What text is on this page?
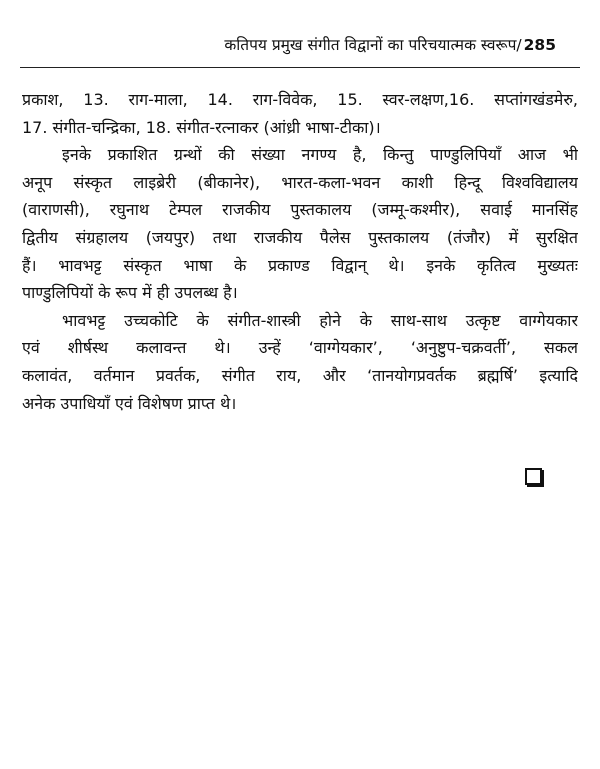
कतिपय प्रमुख संगीत विद्वानों का परिचयात्मक स्वरूप/ 285
प्रकाश, 13. राग-माला, 14. राग-विवेक, 15. स्वर-लक्षण,16. सप्तांगखंडमेरु,
17. संगीत-चन्द्रिका, 18. संगीत-रत्नाकर (आंध्री भाषा-टीका)।
इनके प्रकाशित ग्रन्थों की संख्या नगण्य है, किन्तु पाण्डुलिपियाँ आज भी
अनूप संस्कृत लाइब्रेरी (बीकानेर), भारत-कला-भवन काशी हिन्दू विश्वविद्यालय
(वाराणसी), रघुनाथ टेम्पल राजकीय पुस्तकालय (जम्मू-कश्मीर), सवाई मानसिंह
द्वितीय संग्रहालय (जयपुर) तथा राजकीय पैलेस पुस्तकालय (तंजौर) में सुरक्षित
हैं। भावभट्ट संस्कृत भाषा के प्रकाण्ड विद्वान् थे। इनके कृतित्व मुख्यतः
पाण्डुलिपियों के रूप में ही उपलब्ध है।
भावभट्ट उच्चकोटि के संगीत-शास्त्री होने के साथ-साथ उत्कृष्ट वाग्गेयकार
एवं शीर्षस्थ कलावन्त थे। उन्हें ‘वाग्गेयकार’, ‘अनुष्टुप-चक्रवर्ती’, सकल
कलावंत, वर्तमान प्रवर्तक, संगीत राय, और ‘तानयोगप्रवर्तक ब्रह्मर्षि’ इत्यादि
अनेक उपाधियाँ एवं विशेषण प्राप्त थे।
